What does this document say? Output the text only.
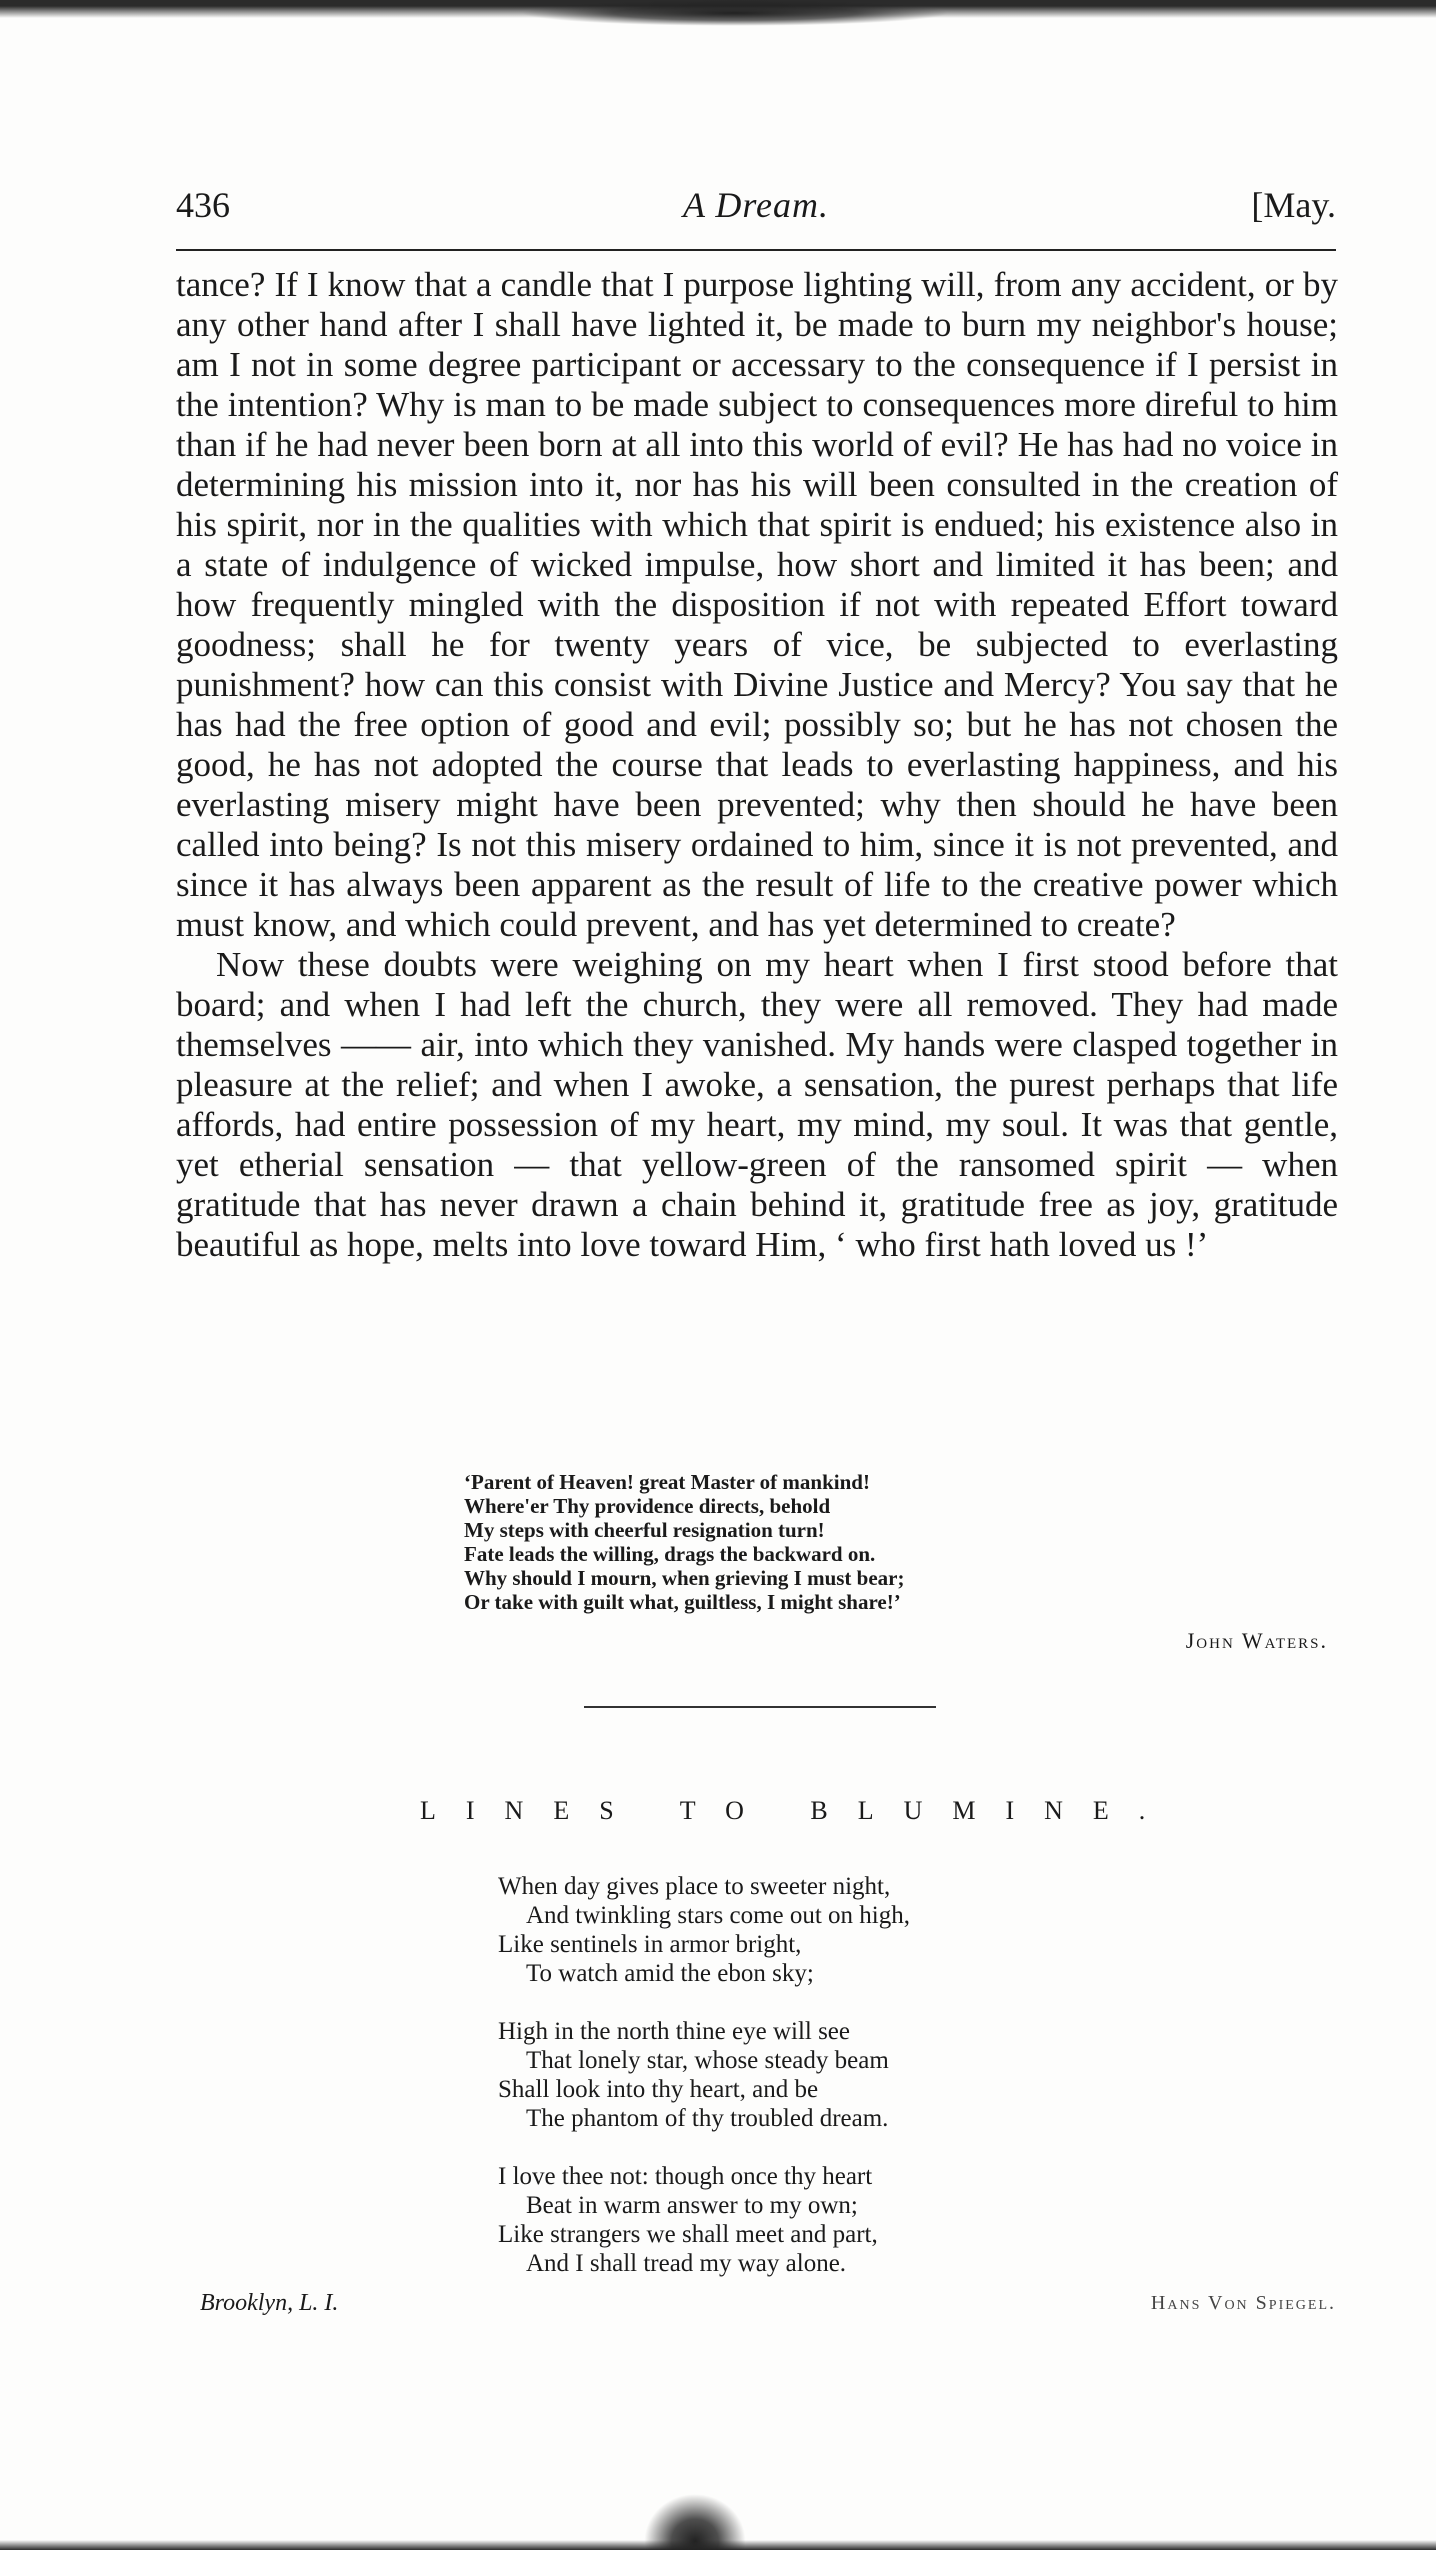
436	A Dream.	[May.

tance? If I know that a candle that I purpose lighting will, from any accident, or by any other hand after I shall have lighted it, be made to burn my neighbor's house; am I not in some degree participant or accessary to the consequence if I persist in the intention? Why is man to be made subject to consequences more direful to him than if he had never been born at all into this world of evil? He has had no voice in determining his mission into it, nor has his will been consulted in the creation of his spirit, nor in the qualities with which that spirit is endued; his existence also in a state of indulgence of wicked impulse, how short and limited it has been; and how frequently mingled with the disposition if not with repeated Effort toward goodness; shall he for twenty years of vice, be subjected to everlasting punishment? how can this consist with Divine Justice and Mercy? You say that he has had the free option of good and evil; possibly so; but he has not chosen the good, he has not adopted the course that leads to everlasting happiness, and his everlasting misery might have been prevented; why then should he have been called into being? Is not this misery ordained to him, since it is not prevented, and since it has always been apparent as the result of life to the creative power which must know, and which could prevent, and has yet determined to create?

Now these doubts were weighing on my heart when I first stood before that board; and when I had left the church, they were all removed. They had made themselves —— air, into which they vanished. My hands were clasped together in pleasure at the relief; and when I awoke, a sensation, the purest perhaps that life affords, had entire possession of my heart, my mind, my soul. It was that gentle, yet etherial sensation — that yellow-green of the ransomed spirit — when gratitude that has never drawn a chain behind it, gratitude free as joy, gratitude beautiful as hope, melts into love toward Him, ‘ who first hath loved us !’

‘Parent of Heaven! great Master of mankind!
Where'er Thy providence directs, behold
My steps with cheerful resignation turn!
Fate leads the willing, drags the backward on.
Why should I mourn, when grieving I must bear;
Or take with guilt what, guiltless, I might share!’
John Waters.
LINES TO BLUMINE.
When day gives place to sweeter night,
And twinkling stars come out on high,
Like sentinels in armor bright,
To watch amid the ebon sky;
High in the north thine eye will see
That lonely star, whose steady beam
Shall look into thy heart, and be
The phantom of thy troubled dream.
I love thee not: though once thy heart
Beat in warm answer to my own;
Like strangers we shall meet and part,
And I shall tread my way alone.
Brooklyn, L. I.	Hans Von Spiegel.
